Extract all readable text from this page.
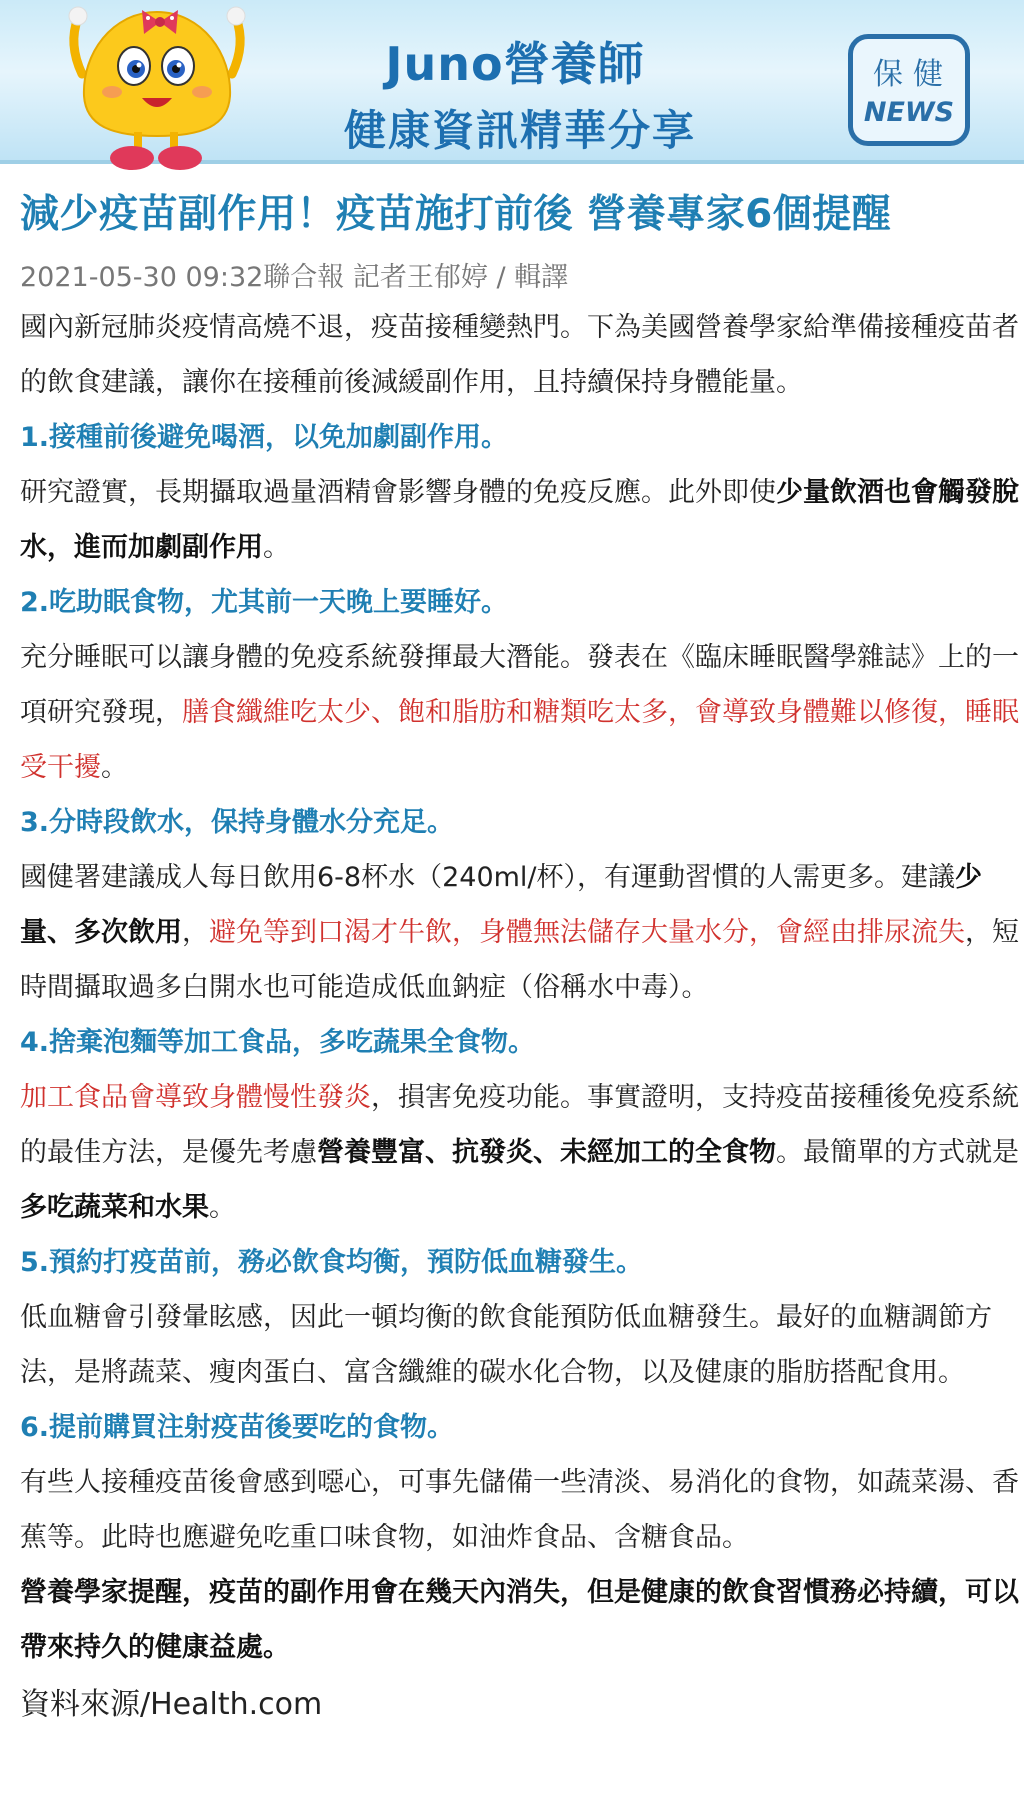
Juno營養師
健康資訊精華分享
保健
NEWS
減少疫苗副作用！疫苗施打前後 營養專家6個提醒
2021-05-30 09:32聯合報 記者王郁婷 / 輯譯

國內新冠肺炎疫情高燒不退，疫苗接種變熱門。下為美國營養學家給準備接種疫苗者的飲食建議，讓你在接種前後減緩副作用，且持續保持身體能量。

1.接種前後避免喝酒，以免加劇副作用。

研究證實，長期攝取過量酒精會影響身體的免疫反應。此外即使少量飲酒也會觸發脫水，進而加劇副作用。

2.吃助眠食物，尤其前一天晚上要睡好。

充分睡眠可以讓身體的免疫系統發揮最大潛能。發表在《臨床睡眠醫學雜誌》上的一項研究發現，膳食纖維吃太少、飽和脂肪和糖類吃太多，會導致身體難以修復，睡眠受干擾。

3.分時段飲水，保持身體水分充足。

國健署建議成人每日飲用6-8杯水（240ml/杯），有運動習慣的人需更多。建議少量、多次飲用，避免等到口渴才牛飲，身體無法儲存大量水分，會經由排尿流失，短時間攝取過多白開水也可能造成低血鈉症（俗稱水中毒）。

4.捨棄泡麵等加工食品，多吃蔬果全食物。

加工食品會導致身體慢性發炎，損害免疫功能。事實證明，支持疫苗接種後免疫系統的最佳方法，是優先考慮營養豐富、抗發炎、未經加工的全食物。最簡單的方式就是多吃蔬菜和水果。

5.預約打疫苗前，務必飲食均衡，預防低血糖發生。

低血糖會引發暈眩感，因此一頓均衡的飲食能預防低血糖發生。最好的血糖調節方法，是將蔬菜、瘦肉蛋白、富含纖維的碳水化合物，以及健康的脂肪搭配食用。

6.提前購買注射疫苗後要吃的食物。

有些人接種疫苗後會感到噁心，可事先儲備一些清淡、易消化的食物，如蔬菜湯、香蕉等。此時也應避免吃重口味食物，如油炸食品、含糖食品。

營養學家提醒，疫苗的副作用會在幾天內消失，但是健康的飲食習慣務必持續，可以帶來持久的健康益處。

資料來源/Health.com
